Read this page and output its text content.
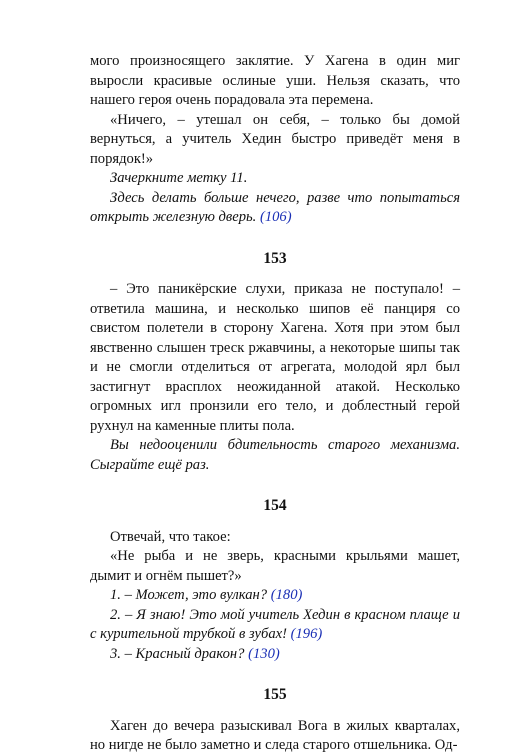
мого произносящего заклятие. У Хагена в один миг выросли красивые ослиные уши. Нельзя сказать, что нашего героя очень порадовала эта перемена.

«Ничего, – утешал он себя, – только бы домой вернуться, а учитель Хедин быстро приведёт меня в порядок!»

Зачеркните метку 11.

Здесь делать больше нечего, разве что попытаться открыть железную дверь. (106)

153

– Это паникёрские слухи, приказа не поступало! – ответила машина, и несколько шипов её панциря со свистом полетели в сторону Хагена. Хотя при этом был явственно слышен треск ржавчины, а некоторые шипы так и не смогли отделиться от агрегата, молодой ярл был застигнут врасплох неожиданной атакой. Несколько огромных игл пронзили его тело, и доблестный герой рухнул на каменные плиты пола.

Вы недооценили бдительность старого механизма. Сыграйте ещё раз.

154

Отвечай, что такое:

«Не рыба и не зверь, красными крыльями машет, дымит и огнём пышет?»

1. – Может, это вулкан? (180)

2. – Я знаю! Это мой учитель Хедин в красном плаще и с курительной трубкой в зубах! (196)

3. – Красный дракон? (130)

155

Хаген до вечера разыскивал Вога в жилых кварталах, но нигде не было заметно и следа старого отшельника. Од-
